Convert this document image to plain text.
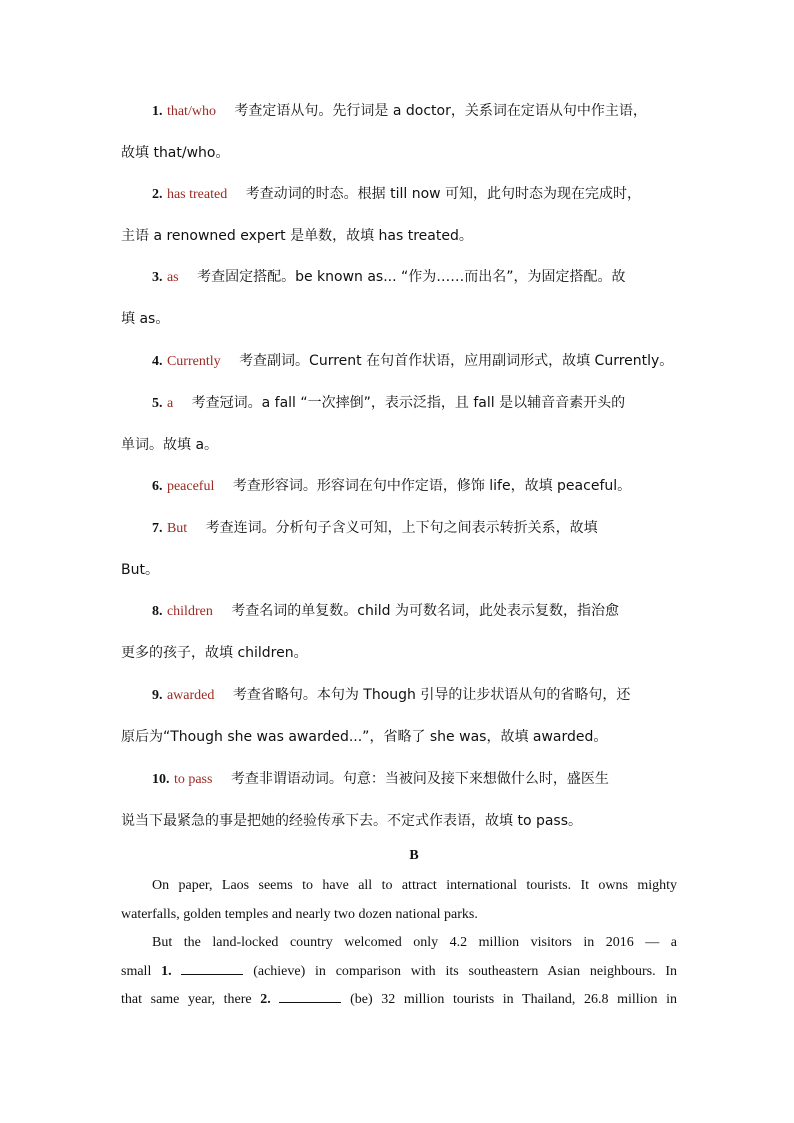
1. that/who 考查定语从句。先行词是 a doctor，关系词在定语从句中作主语，
故填 that/who。
2. has treated 考查动词的时态。根据 till now 可知，此句时态为现在完成时，
主语 a renowned expert 是单数，故填 has treated。
3. as 考查固定搭配。be known as... “作为……而出名”，为固定搭配。故
填 as。
4. Currently 考查副词。Current 在句首作状语，应用副词形式，故填 Currently。
5. a 考查冠词。a fall “一次摔倒”，表示泛指，且 fall 是以辅音音素开头的
单词。故填 a。
6. peaceful 考查形容词。形容词在句中作定语，修饰 life，故填 peaceful。
7. But 考查连词。分析句子含义可知，上下句之间表示转折关系，故填
But。
8. children 考查名词的单复数。child 为可数名词，此处表示复数，指治愈
更多的孩子，故填 children。
9. awarded 考查省略句。本句为 Though 引导的让步状语从句的省略句，还
原后为“Though she was awarded...”，省略了 she was，故填 awarded。
10. to pass 考查非谓语动词。句意：当被问及接下来想做什么时，盛医生
说当下最紧急的事是把她的经验传承下去。不定式作表语，故填 to pass。
B
On paper, Laos seems to have all to attract international tourists. It owns mighty
waterfalls, golden temples and nearly two dozen national parks.
But the land-locked country welcomed only 4.2 million visitors in 2016 — a
small 1.	(achieve) in comparison with its southeastern Asian neighbours. In
that same year, there 2.	(be) 32 million tourists in Thailand, 26.8 million in
